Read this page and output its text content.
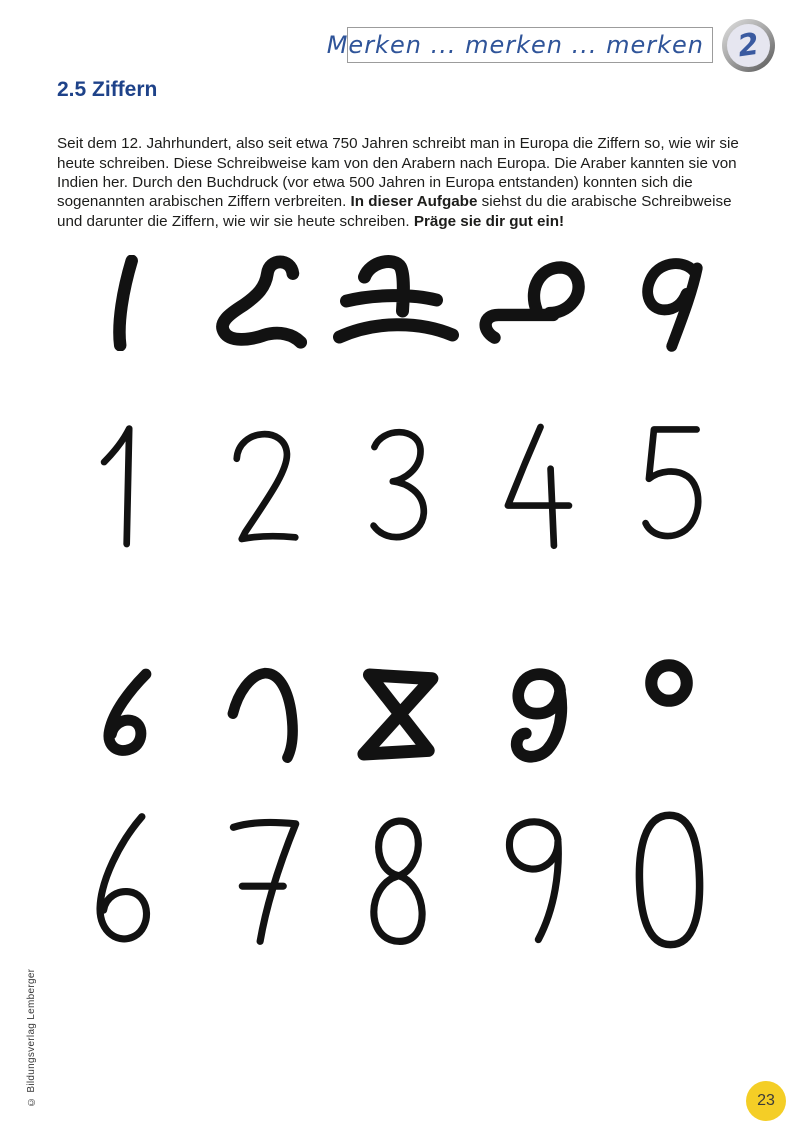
Merken ... merken ... merken 2
2.5 Ziffern

Seit dem 12. Jahrhundert, also seit etwa 750 Jahren schreibt man in Europa die Ziffern so, wie wir sie heute schreiben. Diese Schreibweise kam von den Arabern nach Europa. Die Araber kannten sie von Indien her. Durch den Buchdruck (vor etwa 500 Jahren in Europa entstanden) konnten sich die sogenannten arabischen Ziffern verbreiten. In dieser Aufgabe siehst du die arabische Schreibweise und darunter die Ziffern, wie wir sie heute schreiben. Präge sie dir gut ein!

© Bildungsverlag Lemberger	23
